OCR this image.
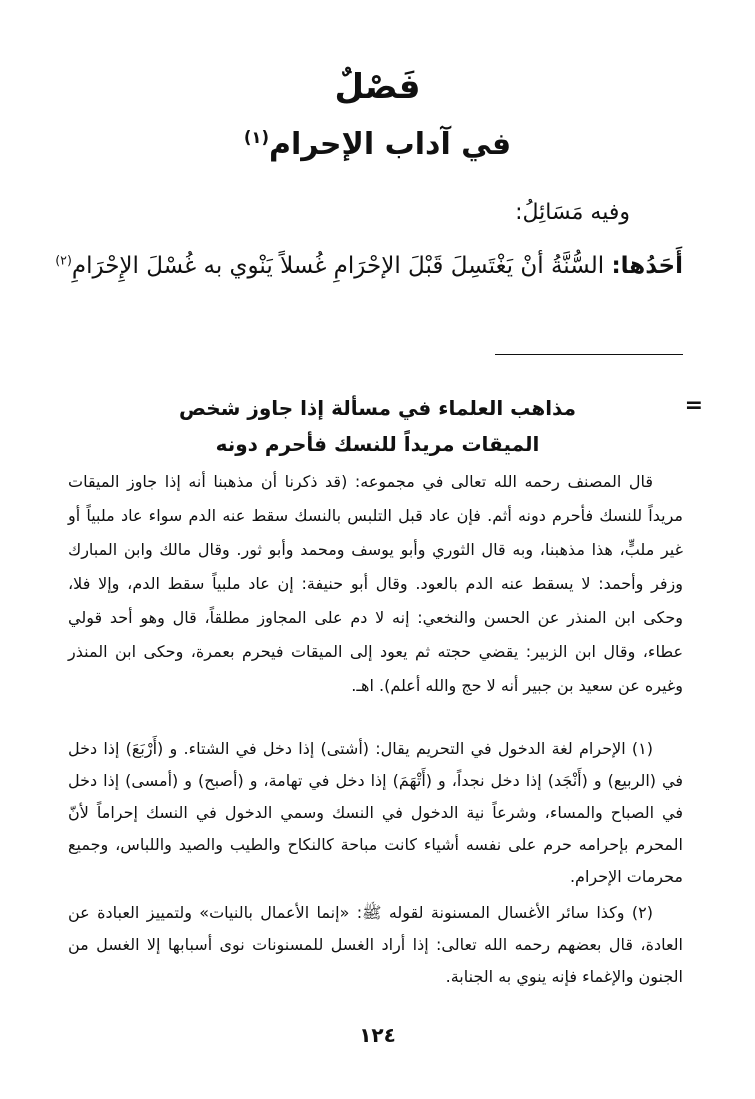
فَصْلٌ
في آداب الإحرام$^{(١)}$
وفيه مَسَائِلُ:
أَحَدُها: السُّنَّةُ أنْ يَغْتَسِلَ قَبْلَ الإحْرَامِ غُسلاً يَنْوي به غُسْلَ الإِحْرَامِ$^{(٢)}$
=
مذاهب العلماء في مسألة إذا جاوز شخص
الميقات مريداً للنسك فأحرم دونه

قال المصنف رحمه الله تعالى في مجموعه: (قد ذكرنا أن مذهبنا أنه إذا جاوز الميقات مريداً للنسك فأحرم دونه أثم. فإن عاد قبل التلبس بالنسك سقط عنه الدم سواء عاد ملبياً أو غير ملبٍّ، هذا مذهبنا، وبه قال الثوري وأبو يوسف ومحمد وأبو ثور. وقال مالك وابن المبارك وزفر وأحمد: لا يسقط عنه الدم بالعود. وقال أبو حنيفة: إن عاد ملبياً سقط الدم، وإلا فلا، وحكى ابن المنذر عن الحسن والنخعي: إنه لا دم على المجاوز مطلقاً، قال وهو أحد قولي عطاء، وقال ابن الزبير: يقضي حجته ثم يعود إلى الميقات فيحرم بعمرة، وحكى ابن المنذر وغيره عن سعيد بن جبير أنه لا حج والله أعلم). اهـ.

(١) الإحرام لغة الدخول في التحريم يقال: (أشتى) إذا دخل في الشتاء. و (أَرْبَعَ) إذا دخل في (الربيع) و (أَنْجَد) إذا دخل نجداً، و (أَتْهَمَ) إذا دخل في تهامة، و (أصبح) و (أمسى) إذا دخل في الصباح والمساء، وشرعاً نية الدخول في النسك وسمي الدخول في النسك إحراماً لأنّ المحرم بإحرامه حرم على نفسه أشياء كانت مباحة كالنكاح والطيب والصيد واللباس، وجميع محرمات الإحرام.

(٢) وكذا سائر الأغسال المسنونة لقوله ﷺ: «إنما الأعمال بالنيات» ولتمييز العبادة عن العادة، قال بعضهم رحمه الله تعالى: إذا أراد الغسل للمسنونات نوى أسبابها إلا الغسل من الجنون والإغماء فإنه ينوي به الجنابة.

١٢٤
